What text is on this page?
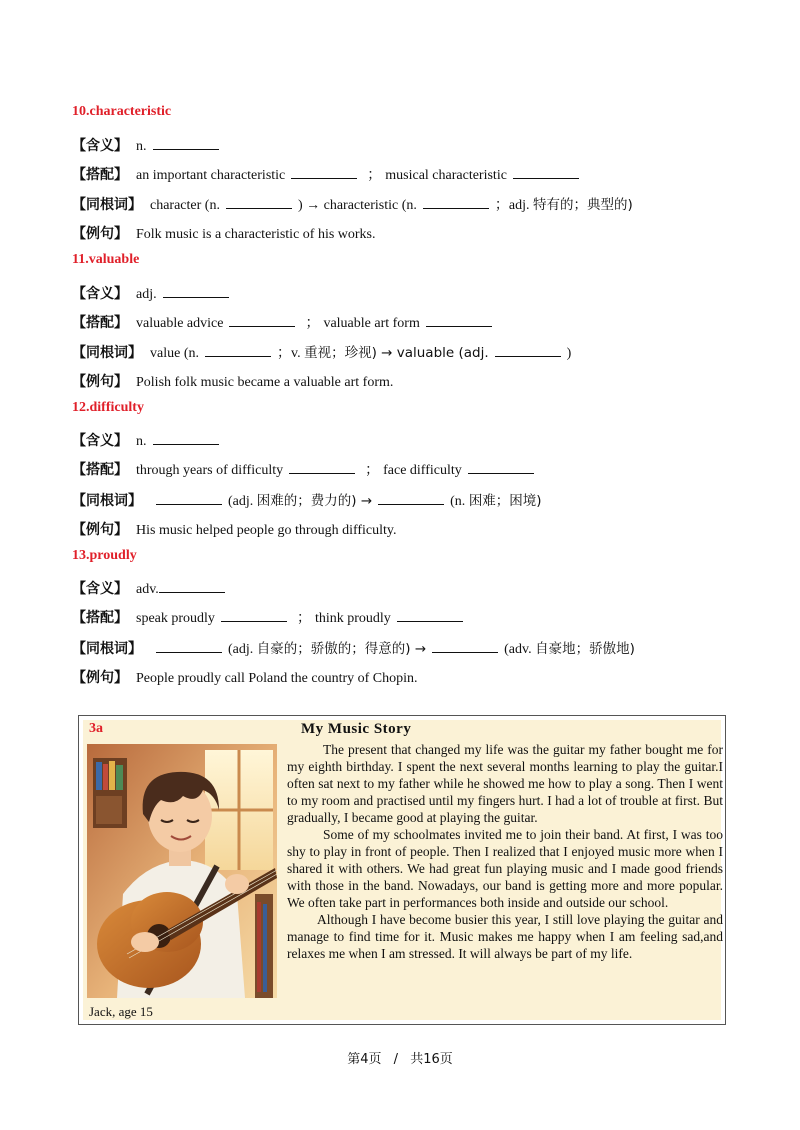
10.characteristic
【含义】 n.
【搭配】 an important characteristic	； musical characteristic
【同根词】 character (n.	) → characteristic (n.	；adj.
特有的；典型的)
【例句】 Folk music is a characteristic of his works.
11.valuable
【含义】 adj.
【搭配】 valuable advice	； valuable art form
【同根词】 value (n.	；v.
重视；珍视) → valuable (adj.	)
【例句】 Polish folk music became a valuable art form.
12.difficulty
【含义】 n.
【搭配】 through years of difficulty	； face difficulty
【同根词】	(adj.
困难的；费力的) →	(n.
困难；困境)
【例句】 His music helped people go through difficulty.
13.proudly
【含义】 adv.
【搭配】 speak proudly	； think proudly
【同根词】	(adj.
自豪的；骄傲的；得意的) →	(adv.
自豪地；骄傲地)
【例句】 People proudly call Poland the country of Chopin.
3a	My Music Story

The present that changed my life was the guitar my father bought me for my eighth birthday. I spent the next several months learning to play the guitar.I often sat next to my father while he showed me how to play a song. Then I went to my room and practised until my fingers hurt. I had a lot of trouble at first. But gradually, I became good at playing the guitar.

Some of my schoolmates invited me to join their band. At first, I was too shy to play in front of people. Then I realized that I enjoyed music more when I shared it with others. We had great fun playing music and I made good friends with those in the band. Nowadays, our band is getting more and more popular. We often take part in performances both inside and outside our school.

Although I have become busier this year, I still love playing the guitar and manage to find time for it. Music makes me happy when I am feeling sad,and relaxes me when I am stressed. It will always be part of my life.

Jack, age 15
第4页 / 共16页
